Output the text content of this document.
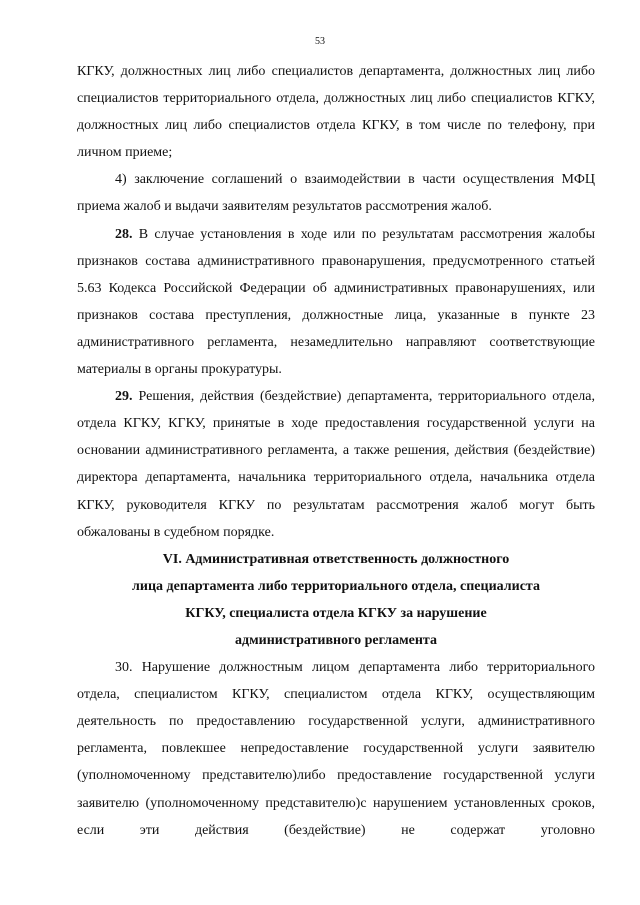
53

КГКУ, должностных лиц либо специалистов департамента, должностных лиц либо специалистов территориального отдела, должностных лиц либо специалистов КГКУ, должностных лиц либо специалистов отдела КГКУ, в том числе по телефону, при личном приеме;

4) заключение соглашений о взаимодействии в части осуществления МФЦ приема жалоб и выдачи заявителям результатов рассмотрения жалоб.

28. В случае установления в ходе или по результатам рассмотрения жалобы признаков состава административного правонарушения, предусмотренного статьей 5.63 Кодекса Российской Федерации об административных правонарушениях, или признаков состава преступления, должностные лица, указанные в пункте 23 административного регламента, незамедлительно направляют соответствующие материалы в органы прокуратуры.

29. Решения, действия (бездействие) департамента, территориального отдела, отдела КГКУ, КГКУ, принятые в ходе предоставления государственной услуги на основании административного регламента, а также решения, действия (бездействие) директора департамента, начальника территориального отдела, начальника отдела КГКУ, руководителя КГКУ по результатам рассмотрения жалоб могут быть обжалованы в судебном порядке.

VI. Административная ответственность должностного
лица департамента либо территориального отдела, специалиста
КГКУ, специалиста отдела КГКУ за нарушение
административного регламента

30. Нарушение должностным лицом департамента либо территориального отдела, специалистом КГКУ, специалистом отдела КГКУ, осуществляющим деятельность по предоставлению государственной услуги, административного регламента, повлекшее непредоставление государственной услуги заявителю (уполномоченному представителю)либо предоставление государственной услуги заявителю (уполномоченному представителю)с нарушением установленных сроков, если эти действия (бездействие) не содержат уголовно
